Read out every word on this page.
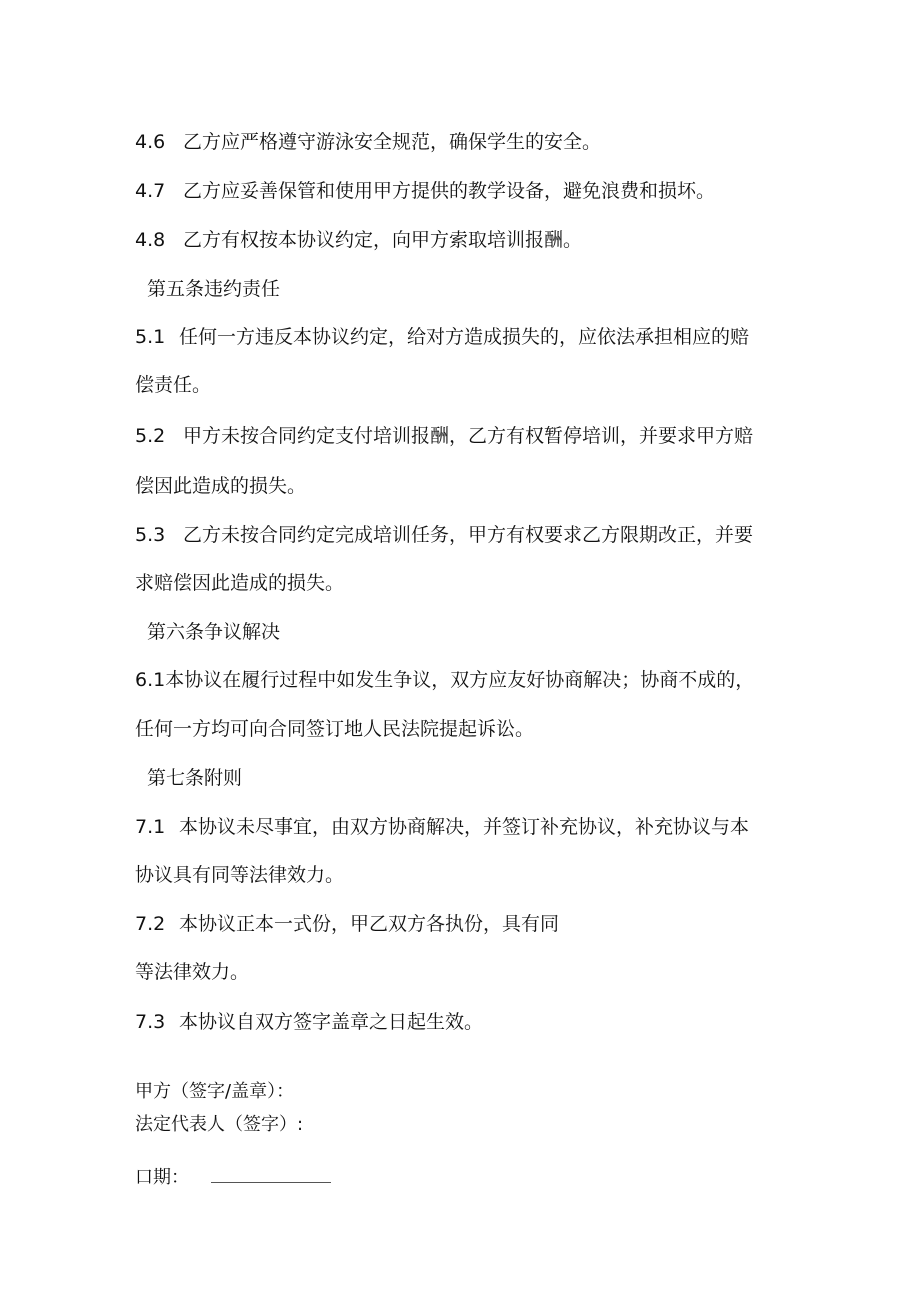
4.6 乙方应严格遵守游泳安全规范，确保学生的安全。
4.7 乙方应妥善保管和使用甲方提供的教学设备，避免浪费和损坏。
4.8 乙方有权按本协议约定，向甲方索取培训报酬。
第五条违约责任
5.1 任何一方违反本协议约定，给对方造成损失的，应依法承担相应的赔
偿责任。
5.2 甲方未按合同约定支付培训报酬，乙方有权暂停培训，并要求甲方赔
偿因此造成的损失。
5.3 乙方未按合同约定完成培训任务，甲方有权要求乙方限期改正，并要
求赔偿因此造成的损失。
第六条争议解决
6.1本协议在履行过程中如发生争议，双方应友好协商解决；协商不成的，
任何一方均可向合同签订地人民法院提起诉讼。
第七条附则
7.1 本协议未尽事宜，由双方协商解决，并签订补充协议，补充协议与本
协议具有同等法律效力。
7.2 本协议正本一式份，甲乙双方各执份，具有同
等法律效力。
7.3 本协议自双方签字盖章之日起生效。
甲方（签字/盖章）：
法定代表人（签字）:
口期：
